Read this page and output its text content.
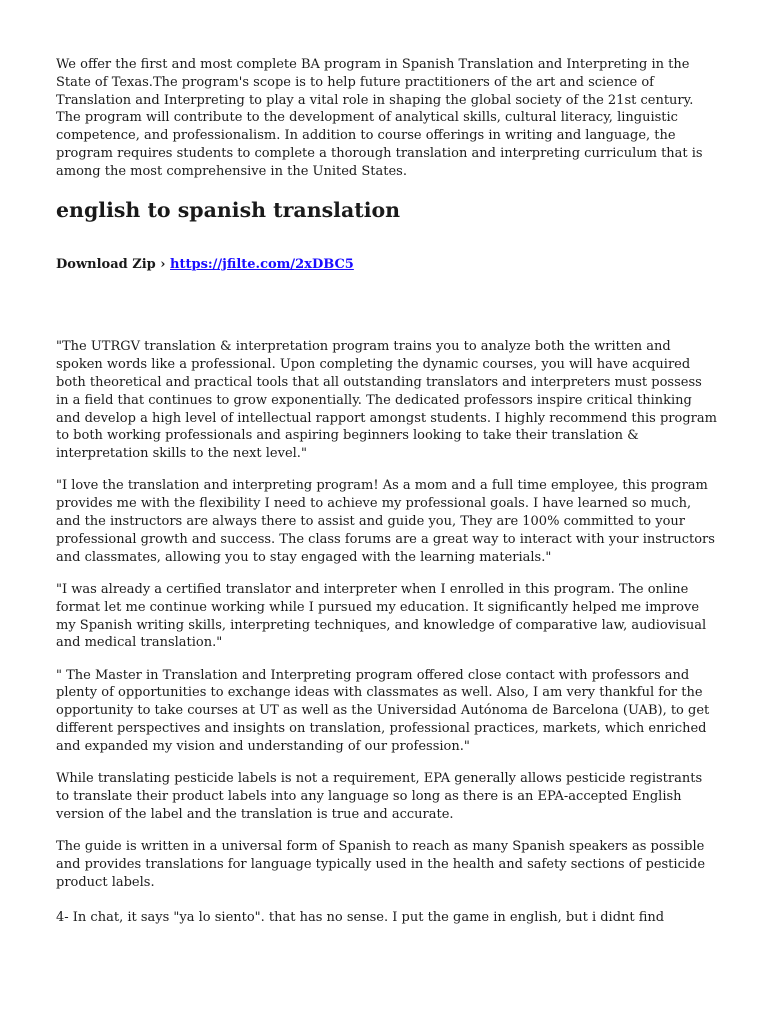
We offer the first and most complete BA program in Spanish Translation and Interpreting in the State of Texas.The program's scope is to help future practitioners of the art and science of Translation and Interpreting to play a vital role in shaping the global society of the 21st century. The program will contribute to the development of analytical skills, cultural literacy, linguistic competence, and professionalism. In addition to course offerings in writing and language, the program requires students to complete a thorough translation and interpreting curriculum that is among the most comprehensive in the United States.

english to spanish translation

Download Zip › https://jfilte.com/2xDBC5

"The UTRGV translation & interpretation program trains you to analyze both the written and spoken words like a professional. Upon completing the dynamic courses, you will have acquired both theoretical and practical tools that all outstanding translators and interpreters must possess in a field that continues to grow exponentially. The dedicated professors inspire critical thinking and develop a high level of intellectual rapport amongst students. I highly recommend this program to both working professionals and aspiring beginners looking to take their translation & interpretation skills to the next level."

"I love the translation and interpreting program! As a mom and a full time employee, this program provides me with the flexibility I need to achieve my professional goals. I have learned so much, and the instructors are always there to assist and guide you, They are 100% committed to your professional growth and success. The class forums are a great way to interact with your instructors and classmates, allowing you to stay engaged with the learning materials."

"I was already a certified translator and interpreter when I enrolled in this program. The online format let me continue working while I pursued my education. It significantly helped me improve my Spanish writing skills, interpreting techniques, and knowledge of comparative law, audiovisual and medical translation."

" The Master in Translation and Interpreting program offered close contact with professors and plenty of opportunities to exchange ideas with classmates as well. Also, I am very thankful for the opportunity to take courses at UT as well as the Universidad Autónoma de Barcelona (UAB), to get different perspectives and insights on translation, professional practices, markets, which enriched and expanded my vision and understanding of our profession."

While translating pesticide labels is not a requirement, EPA generally allows pesticide registrants to translate their product labels into any language so long as there is an EPA-accepted English version of the label and the translation is true and accurate.

The guide is written in a universal form of Spanish to reach as many Spanish speakers as possible and provides translations for language typically used in the health and safety sections of pesticide product labels.

4- In chat, it says "ya lo siento". that has no sense. I put the game in english, but i didnt find
